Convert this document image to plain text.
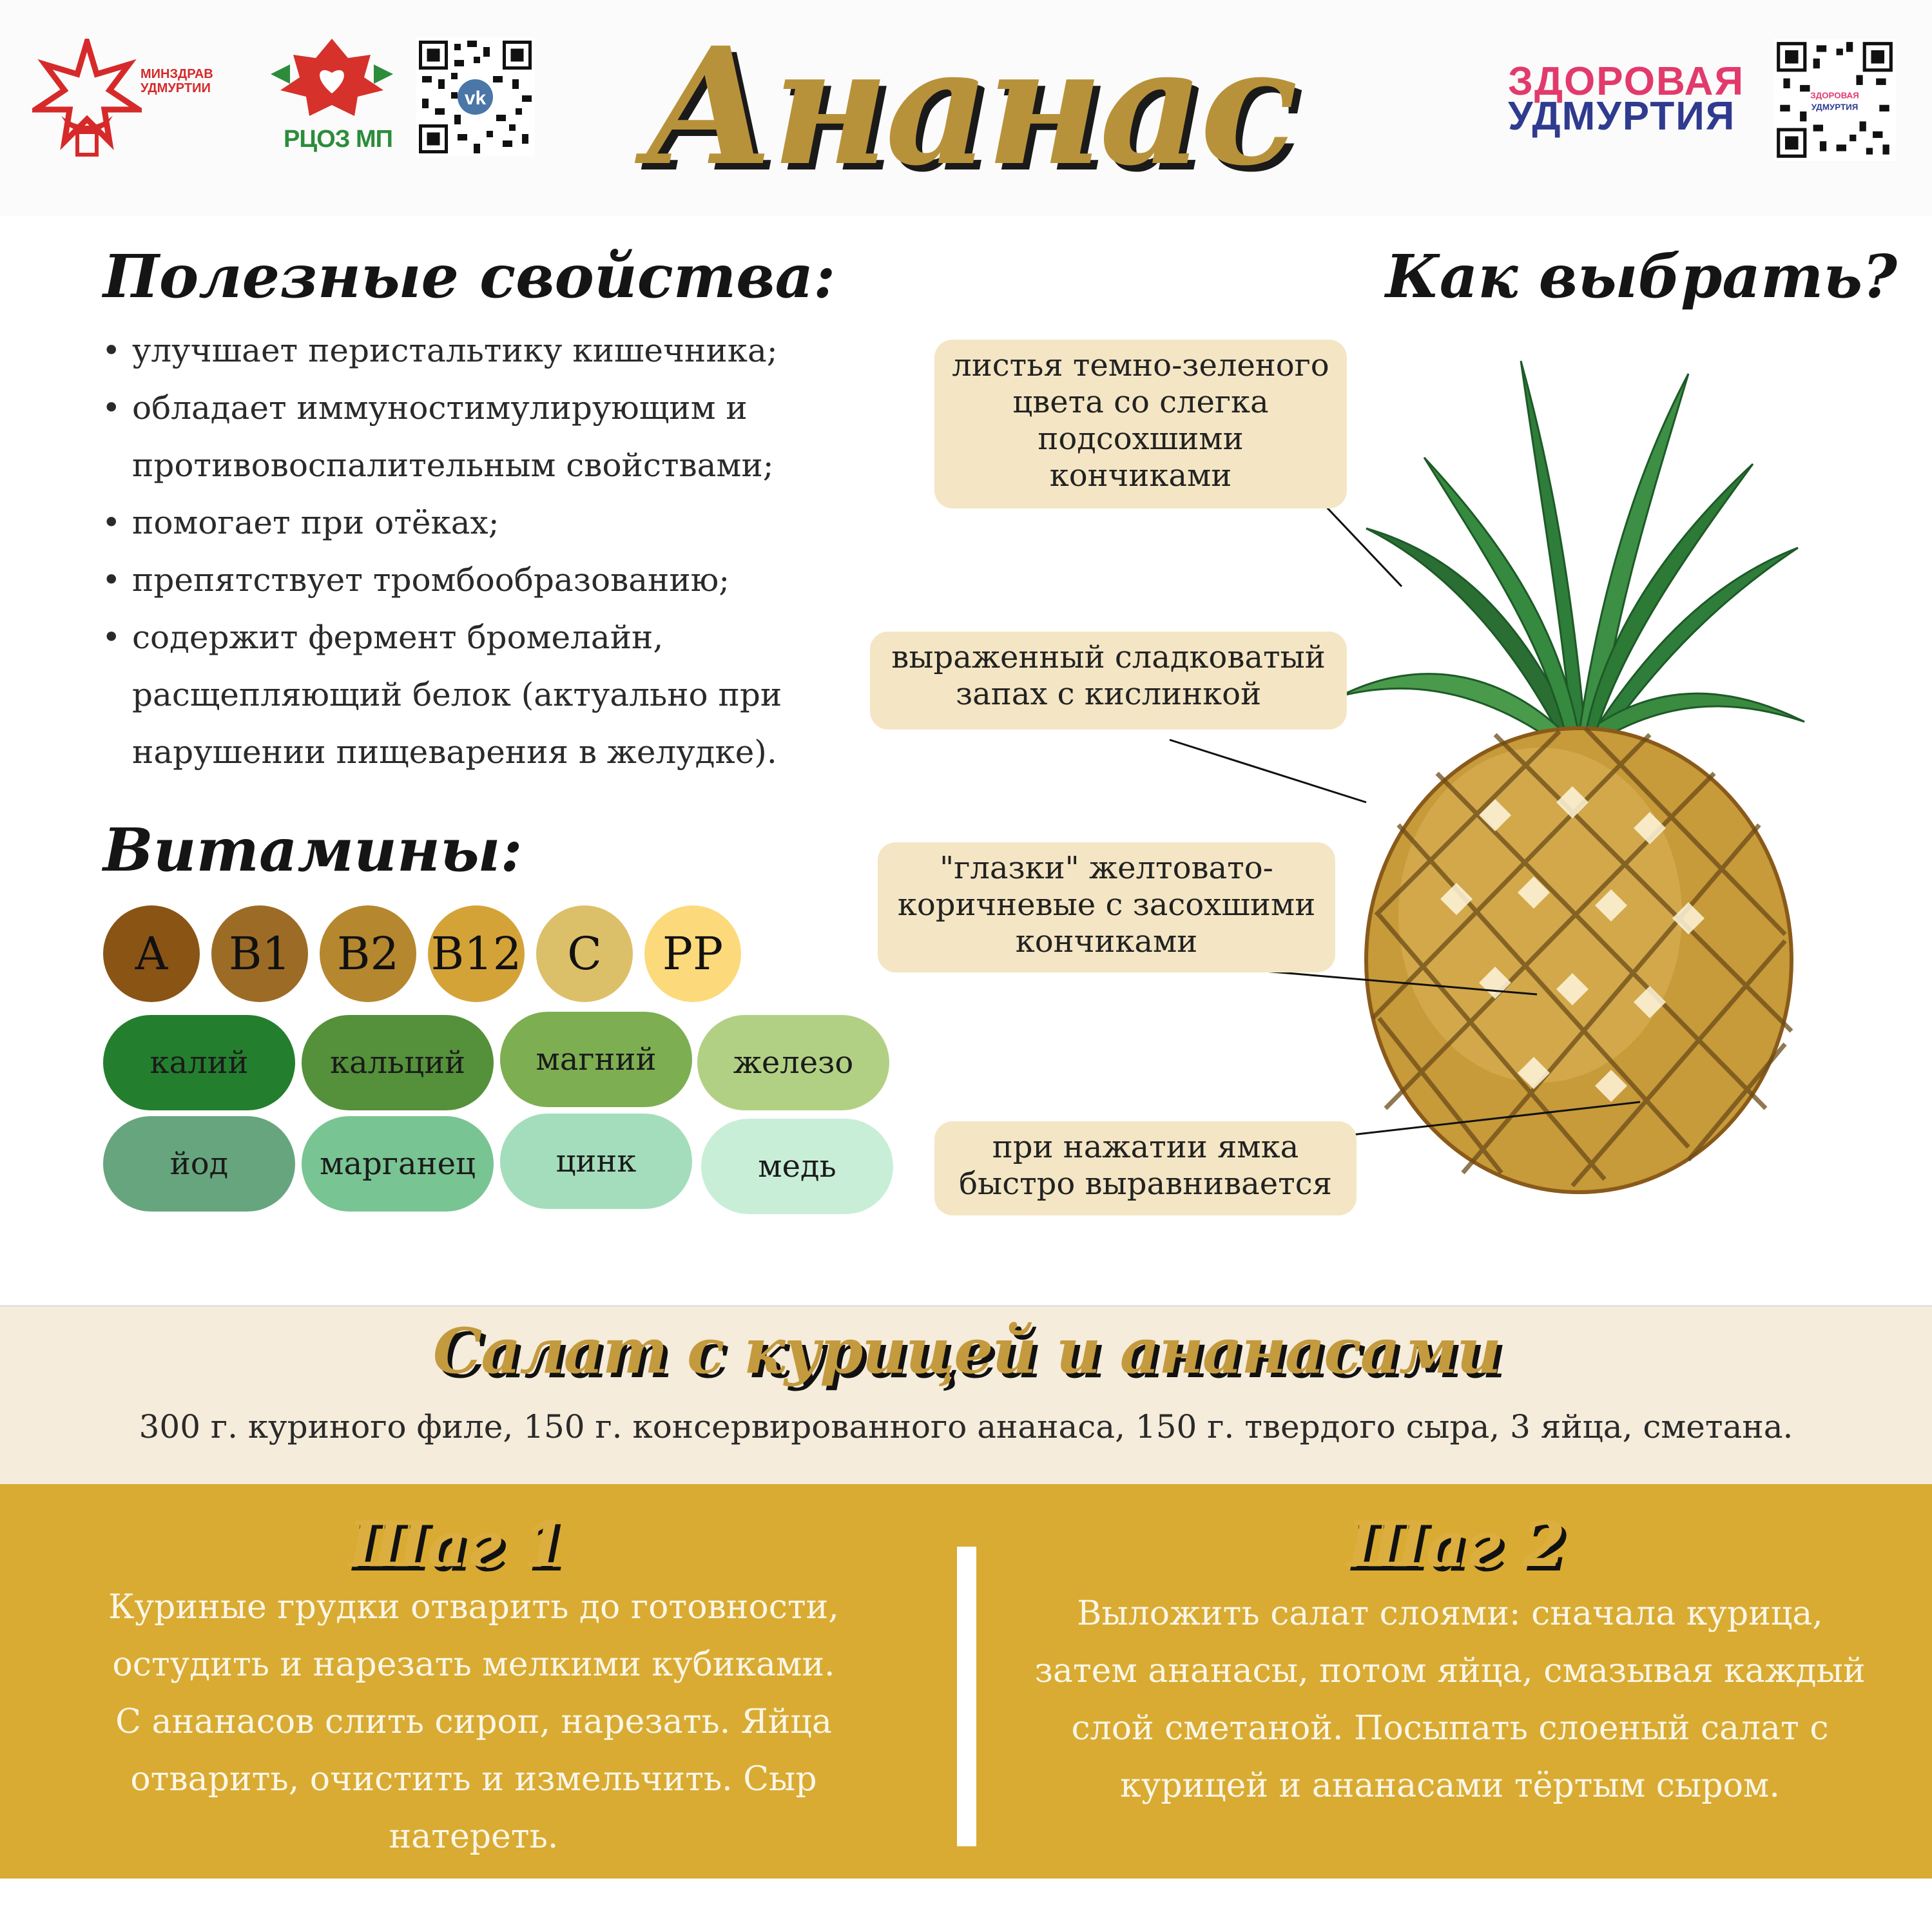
МИНЗДРАВ
УДМУРТИИ
РЦОЗ МП
vk Ананас	ЗДОРОВАЯ
УДМУРТИЯ	ЗДОРОВАЯ
УДМУРТИЯ
Полезные свойства:
• улучшает перистальтику кишечника;
• обладает иммуностимулирующим и противовоспалительным свойствами;
• помогает при отёках;
• препятствует тромбообразованию;
• содержит фермент бромелайн, расщепляющий белок (актуально при нарушении пищеварения в желудке).
Витамины:
A	B1	B2 B12	C	PP
калий	кальций	магний	железо
йод	марганец	цинк	медь
Как выбрать?
листья темно-зеленого цвета со слегка подсохшими кончиками
выраженный сладковатый запах с кислинкой
"глазки" желтовато-коричневые с засохшими кончиками
при нажатии ямка быстро выравнивается
Салат с курицей и ананасами
300 г. куриного филе, 150 г. консервированного ананаса, 150 г. твердого сыра, 3 яйца, сметана.
Шаг 1
Куриные грудки отварить до готовности, остудить и нарезать мелкими кубиками. С ананасов слить сироп, нарезать. Яйца отварить, очистить и измельчить. Сыр натереть.
Шаг 2
Выложить салат слоями: сначала курица, затем ананасы, потом яйца, смазывая каждый слой сметаной. Посыпать слоеный салат с курицей и ананасами тёртым сыром.
